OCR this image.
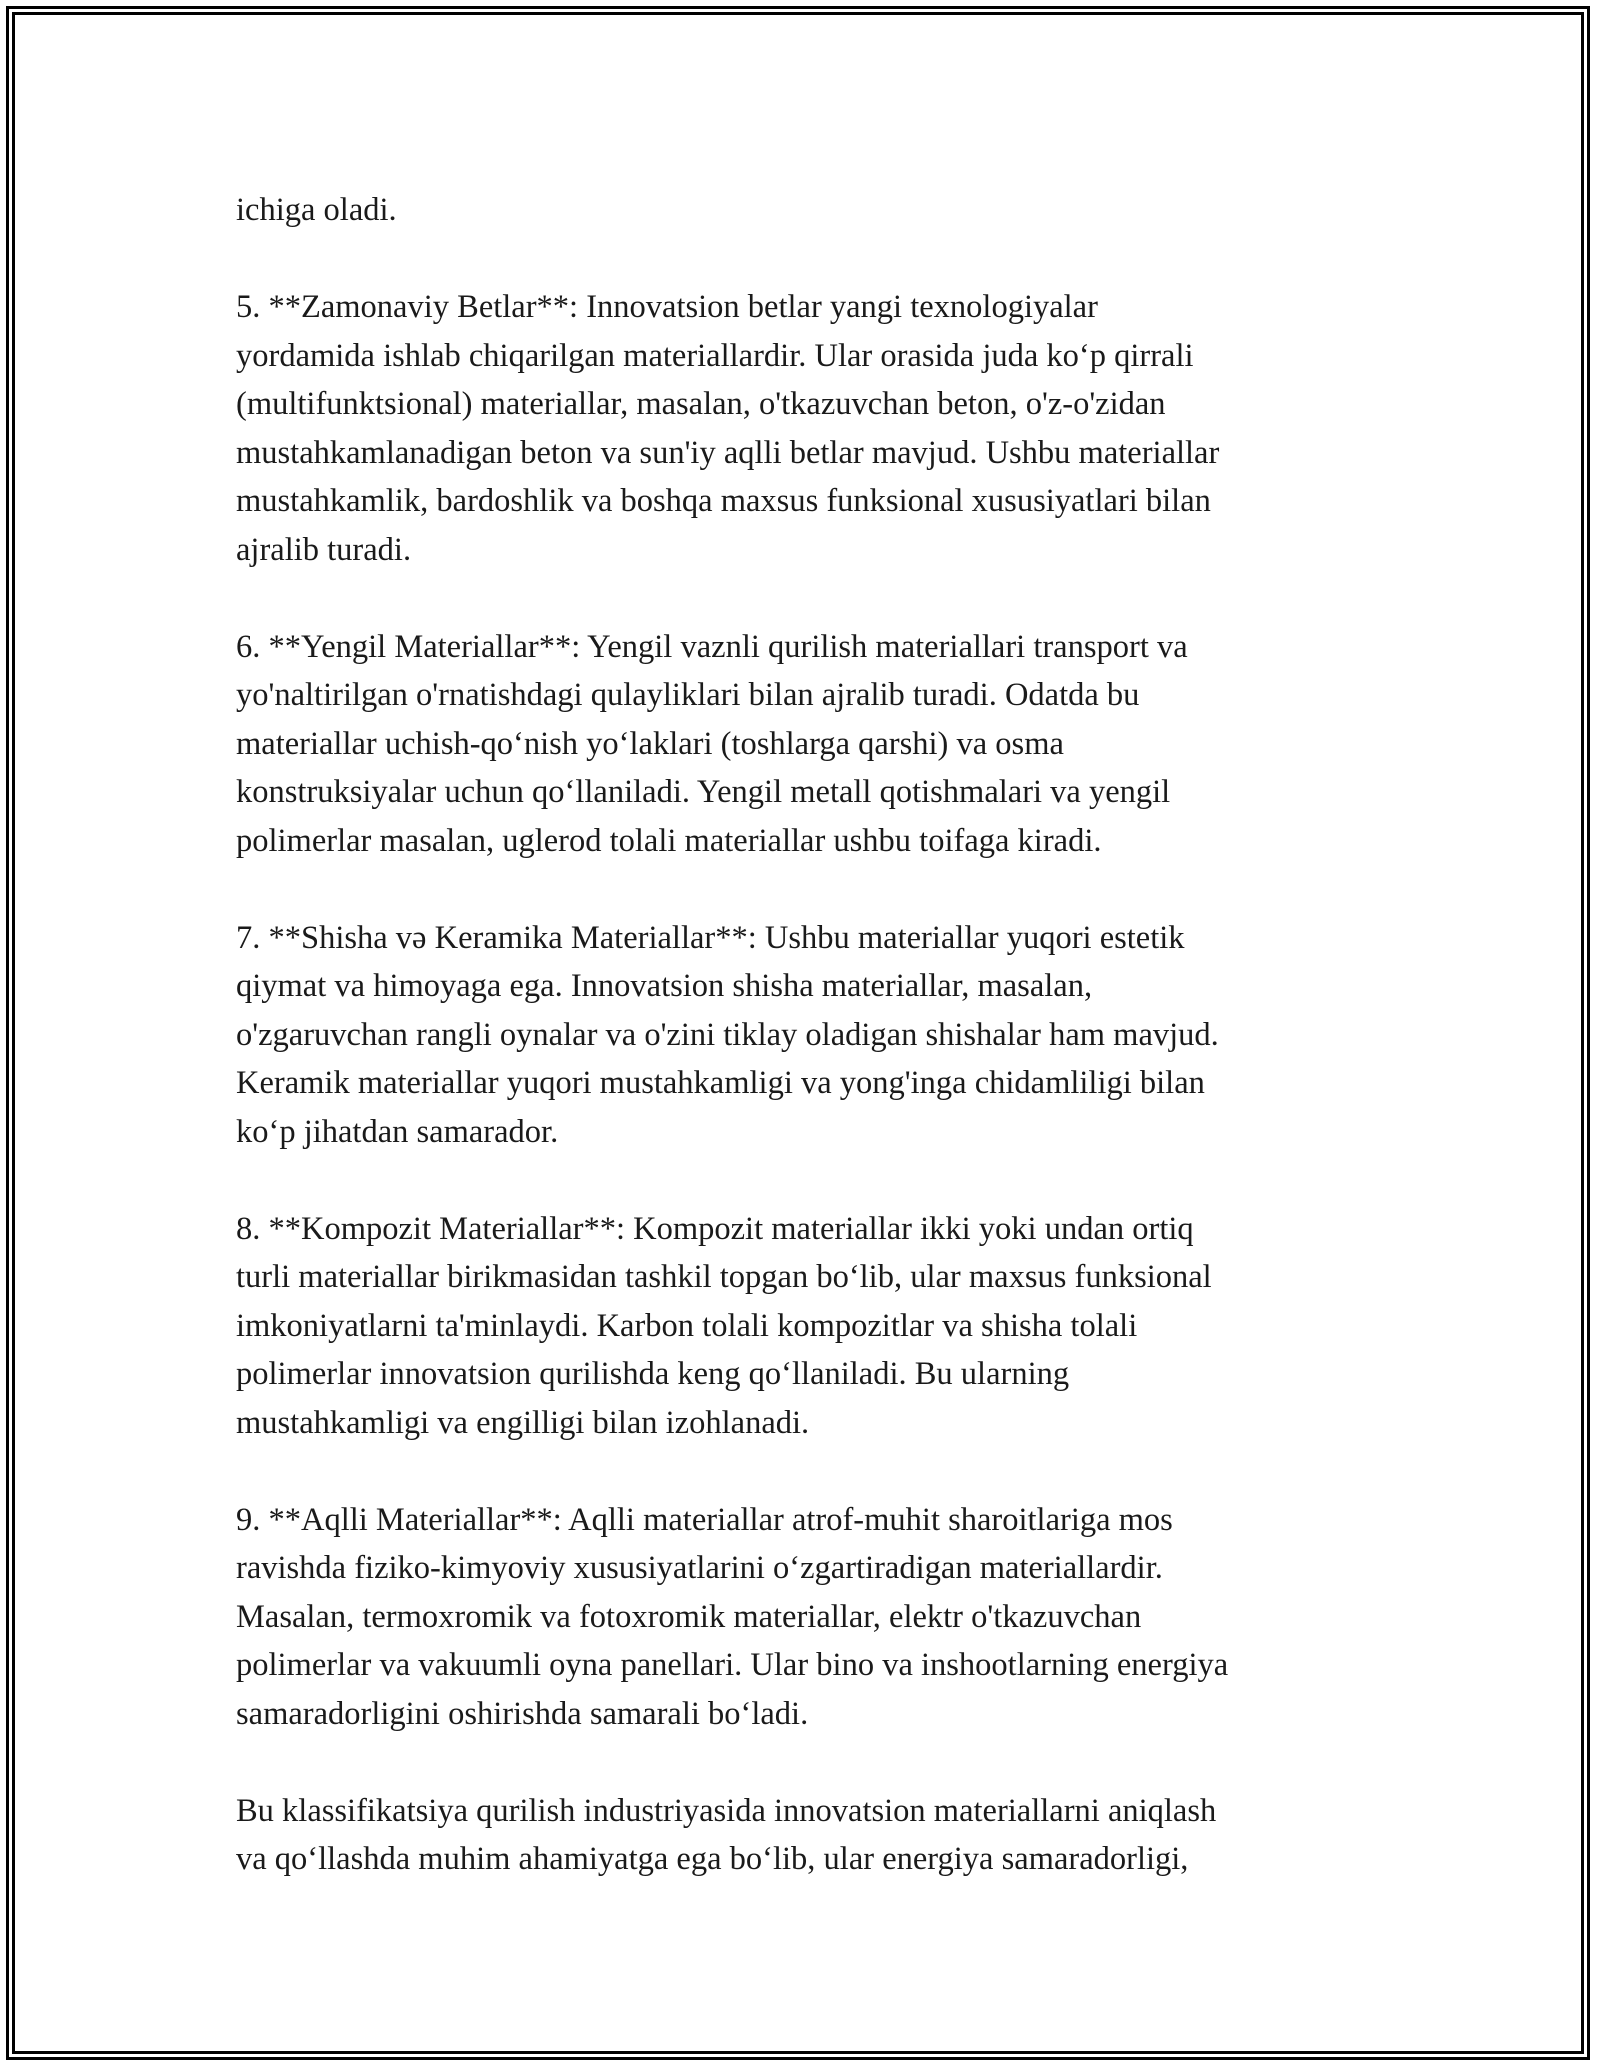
ichiga oladi.

5. **Zamonaviy Betlar**: Innovatsion betlar yangi texnologiyalar
yordamida ishlab chiqarilgan materiallardir. Ular orasida juda ko‘p qirrali
(multifunktsional) materiallar, masalan, o'tkazuvchan beton, o'z-o'zidan
mustahkamlanadigan beton va sun'iy aqlli betlar mavjud. Ushbu materiallar
mustahkamlik, bardoshlik va boshqa maxsus funksional xususiyatlari bilan
ajralib turadi.

6. **Yengil Materiallar**: Yengil vaznli qurilish materiallari transport va
yo'naltirilgan o'rnatishdagi qulayliklari bilan ajralib turadi. Odatda bu
materiallar uchish-qo‘nish yo‘laklari (toshlarga qarshi) va osma
konstruksiyalar uchun qo‘llaniladi. Yengil metall qotishmalari va yengil
polimerlar masalan, uglerod tolali materiallar ushbu toifaga kiradi.

7. **Shisha və Keramika Materiallar**: Ushbu materiallar yuqori estetik
qiymat va himoyaga ega. Innovatsion shisha materiallar, masalan,
o'zgaruvchan rangli oynalar va o'zini tiklay oladigan shishalar ham mavjud.
Keramik materiallar yuqori mustahkamligi va yong'inga chidamliligi bilan
ko‘p jihatdan samarador.

8. **Kompozit Materiallar**: Kompozit materiallar ikki yoki undan ortiq
turli materiallar birikmasidan tashkil topgan bo‘lib, ular maxsus funksional
imkoniyatlarni ta'minlaydi. Karbon tolali kompozitlar va shisha tolali
polimerlar innovatsion qurilishda keng qo‘llaniladi. Bu ularning
mustahkamligi va engilligi bilan izohlanadi.

9. **Aqlli Materiallar**: Aqlli materiallar atrof-muhit sharoitlariga mos
ravishda fiziko-kimyoviy xususiyatlarini o‘zgartiradigan materiallardir.
Masalan, termoxromik va fotoxromik materiallar, elektr o'tkazuvchan
polimerlar va vakuumli oyna panellari. Ular bino va inshootlarning energiya
samaradorligini oshirishda samarali bo‘ladi.

Bu klassifikatsiya qurilish industriyasida innovatsion materiallarni aniqlash
va qo‘llashda muhim ahamiyatga ega bo‘lib, ular energiya samaradorligi,
